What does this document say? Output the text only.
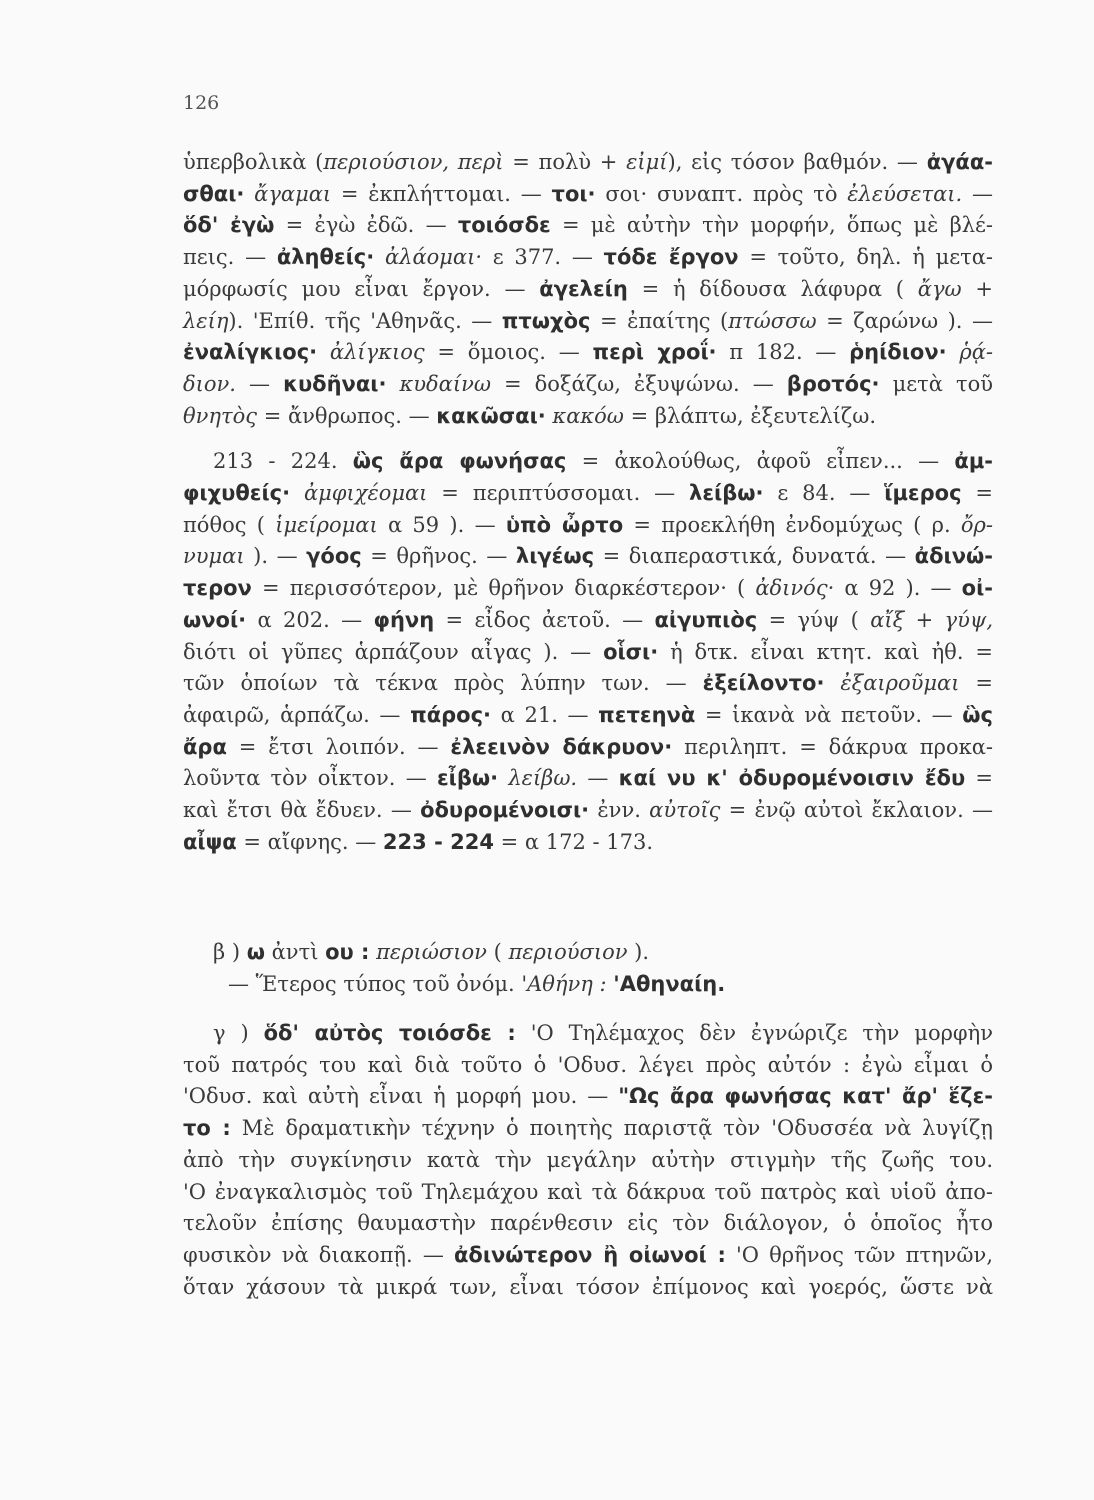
126
ὑπερβολικὰ (περιούσιον, περὶ = πολὺ + εἰμί), εἰς τόσον βαθμόν. — ἀγάα-
σθαι· ἄγαμαι = ἐκπλήττομαι. — τοι· σοι· συναπτ. πρὸς τὸ ἐλεύσεται. —
ὅδ' ἐγὼ = ἐγὼ ἐδῶ. — τοιόσδε = μὲ αὐτὴν τὴν μορφήν, ὅπως μὲ βλέ-
πεις. — ἀληθείς· ἀλάομαι· ε 377. — τόδε ἔργον = τοῦτο, δηλ. ἡ μετα-
μόρφωσίς μου εἶναι ἔργον. — ἀγελείη = ἡ δίδουσα λάφυρα ( ἄγω +
λείη). 'Επίθ. τῆς 'Αθηνᾶς. — πτωχὸς = ἐπαίτης (πτώσσω = ζαρώνω ). —
ἐναλίγκιος· ἀλίγκιος = ὅμοιος. — περὶ χροΐ· π 182. — ῥηίδιον· ῥᾴ-
διον. — κυδῆναι· κυδαίνω = δοξάζω, ἐξυψώνω. — βροτός· μετὰ τοῦ
θνητὸς = ἄνθρωπος. — κακῶσαι· κακόω = βλάπτω, ἐξευτελίζω.
213 - 224. ὣς ἄρα φωνήσας = ἀκολούθως, ἀφοῦ εἶπεν... — ἀμ-
φιχυθείς· ἀμφιχέομαι = περιπτύσσομαι. — λείβω· ε 84. — ἵμερος =
πόθος ( ἱμείρομαι α 59 ). — ὑπὸ ὦρτο = προεκλήθη ἐνδομύχως ( ρ. ὄρ-
νυμαι ). — γόος = θρῆνος. — λιγέως = διαπεραστικά, δυνατά. — ἀδινώ-
τερον = περισσότερον, μὲ θρῆνον διαρκέστερον· ( ἀδινός· α 92 ). — οἰ-
ωνοί· α 202. — φήνη = εἶδος ἀετοῦ. — αἰγυπιὸς = γύψ ( αἴξ + γύψ,
διότι οἱ γῦπες ἁρπάζουν αἶγας ). — οἷσι· ἡ δτκ. εἶναι κτητ. καὶ ἠθ. =
τῶν ὁποίων τὰ τέκνα πρὸς λύπην των. — ἐξείλοντο· ἐξαιροῦμαι =
ἀφαιρῶ, ἁρπάζω. — πάρος· α 21. — πετεηνὰ = ἱκανὰ νὰ πετοῦν. — ὣς
ἄρα = ἔτσι λοιπόν. — ἐλεεινὸν δάκρυον· περιληπτ. = δάκρυα προκα-
λοῦντα τὸν οἶκτον. — εἶβω· λείβω. — καί νυ κ' ὀδυρομένοισιν ἔδυ =
καὶ ἔτσι θὰ ἔδυεν. — ὀδυρομένοισι· ἐνν. αὐτοῖς = ἐνῷ αὐτοὶ ἔκλαιον. —
αἶψα = αἴφνης. — 223 - 224 = α 172 - 173.
β ) ω ἀντὶ ου : περιώσιον ( περιούσιον ).
— Ἕτερος τύπος τοῦ ὀνόμ. 'Αθήνη : 'Αθηναίη.
γ ) ὅδ' αὐτὸς τοιόσδε : 'Ο Τηλέμαχος δὲν ἐγνώριζε τὴν μορφὴν
τοῦ πατρός του καὶ διὰ τοῦτο ὁ 'Οδυσ. λέγει πρὸς αὐτόν : ἐγὼ εἶμαι ὁ
'Οδυσ. καὶ αὐτὴ εἶναι ἡ μορφή μου. — "Ως ἄρα φωνήσας κατ' ἄρ' ἕζε-
το : Μὲ δραματικὴν τέχνην ὁ ποιητὴς παριστᾷ τὸν 'Οδυσσέα νὰ λυγίζῃ
ἀπὸ τὴν συγκίνησιν κατὰ τὴν μεγάλην αὐτὴν στιγμὴν τῆς ζωῆς του.
'Ο ἐναγκαλισμὸς τοῦ Τηλεμάχου καὶ τὰ δάκρυα τοῦ πατρὸς καὶ υἱοῦ ἀπο-
τελοῦν ἐπίσης θαυμαστὴν παρένθεσιν εἰς τὸν διάλογον, ὁ ὁποῖος ἦτο
φυσικὸν νὰ διακοπῇ. — ἀδινώτερον ἢ οἰωνοί : 'Ο θρῆνος τῶν πτηνῶν,
ὅταν χάσουν τὰ μικρά των, εἶναι τόσον ἐπίμονος καὶ γοερός, ὥστε νὰ
